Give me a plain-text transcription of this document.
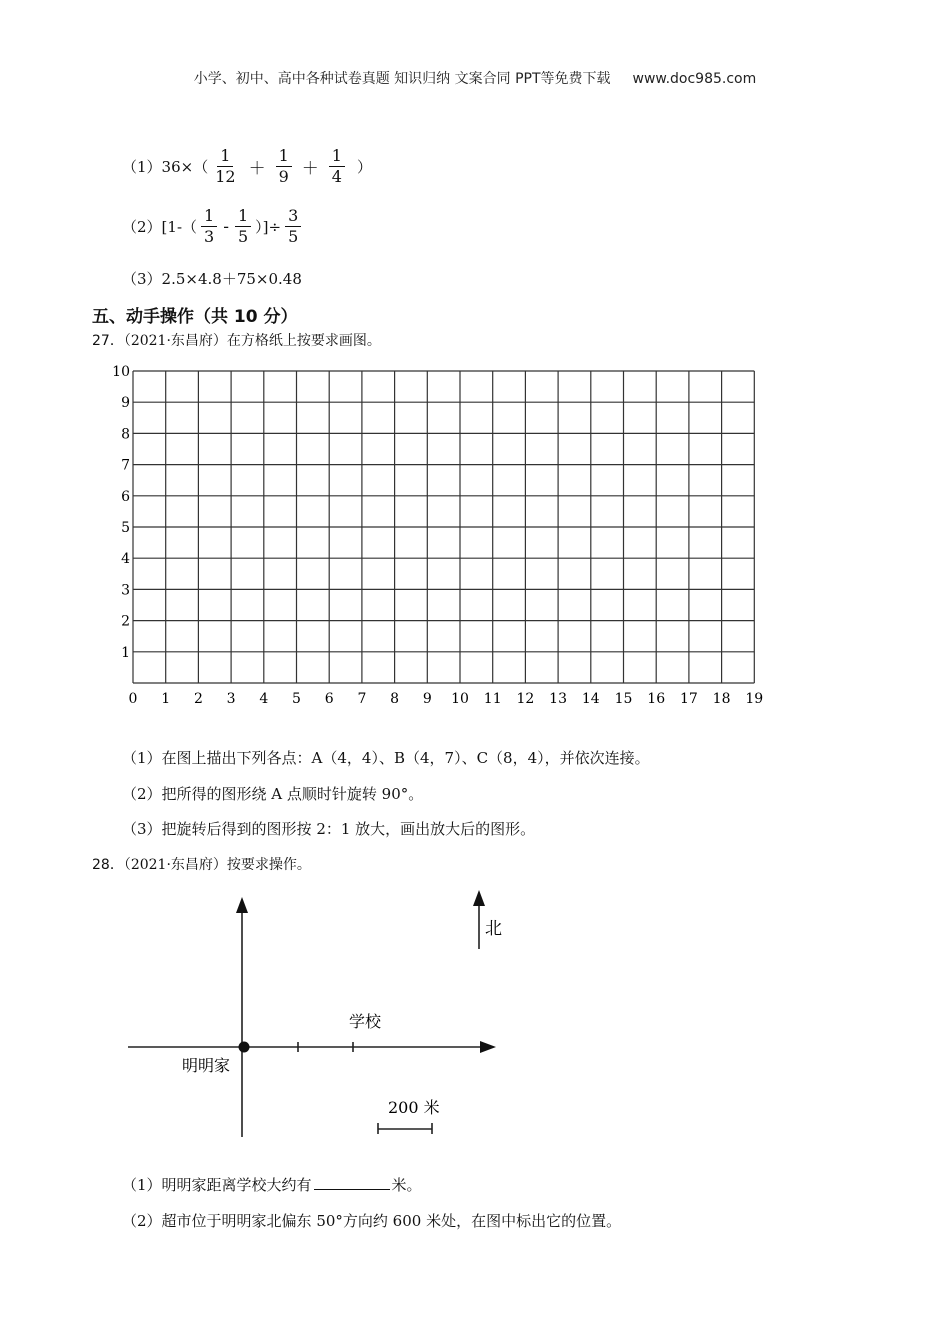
小学、初中、高中各种试卷真题 知识归纳 文案合同 PPT等免费下载 www.doc985.com
$(1)36\times( \frac{1}{12} + \frac{1}{9} + \frac{1}{4}$ ）
$(2)[1-( \frac{1}{3} - \frac{1}{5}$ ）]÷ $\frac{3}{5}$
（3）2.5×4.8＋75×0.48
五、动手操作（共 10 分）
27．（2021·东昌府）在方格纸上按要求画图。
0 1 2 3 4 5 6 7 8 9 10 11 12 13 14 15 16 17 18 19
1
2
3
4
5
6
7
8
9
10
（1）在图上描出下列各点：A（4，4）、B（4，7）、C（8，4），并依次连接。
（2）把所得的图形绕 A 点顺时针旋转 90°。
（3）把旋转后得到的图形按 2：1 放大，画出放大后的图形。
28．（2021·东昌府）按要求操作。
北
学校
明明家
200 米
（1）明明家距离学校大约有	米。
（2）超市位于明明家北偏东 50°方向约 600 米处，在图中标出它的位置。
